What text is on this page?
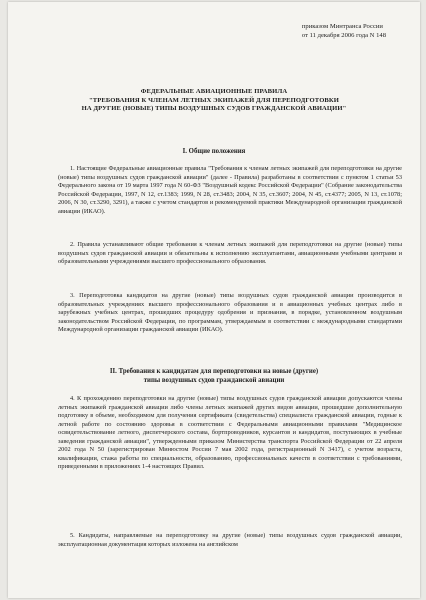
приказом Минтранса России
от 11 декабря 2006 года N 148
ФЕДЕРАЛЬНЫЕ АВИАЦИОННЫЕ ПРАВИЛА
"ТРЕБОВАНИЯ К ЧЛЕНАМ ЛЕТНЫХ ЭКИПАЖЕЙ ДЛЯ ПЕРЕПОДГОТОВКИ
НА ДРУГИЕ (НОВЫЕ) ТИПЫ ВОЗДУШНЫХ СУДОВ ГРАЖДАНСКОЙ АВИАЦИИ"
I. Общие положения
1. Настоящие Федеральные авиационные правила "Требования к членам летных экипажей для переподготовки на другие (новые) типы воздушных судов гражданской авиации" (далее - Правила) разработаны в соответствии с пунктом 1 статьи 53 Федерального закона от 19 марта 1997 года N 60-ФЗ "Воздушный кодекс Российской Федерации" (Собрание законодательства Российской Федерации, 1997, N 12, ст.1383; 1999, N 28, ст.3483; 2004, N 35, ст.3607; 2004, N 45, ст.4377; 2005, N 13, ст.1078; 2006, N 30, ст.3290, 3291), а также с учетом стандартов и рекомендуемой практики Международной организации гражданской авиации (ИКАО).
2. Правила устанавливают общие требования к членам летных экипажей для переподготовки на другие (новые) типы воздушных судов гражданской авиации и обязательны к исполнению эксплуатантами, авиационными учебными центрами и образовательными учреждениями высшего профессионального образования.
3. Переподготовка кандидатов на другие (новые) типы воздушных судов гражданской авиации производится в образовательных учреждениях высшего профессионального образования и в авиационных учебных центрах либо в зарубежных учебных центрах, прошедших процедуру одобрения и признания, в порядке, установленном воздушным законодательством Российской Федерации, по программам, утверждаемым в соответствии с международными стандартами Международной организации гражданской авиации (ИКАО).
II. Требования к кандидатам для переподготовки на новые (другие)
типы воздушных судов гражданской авиации
4. К прохождению переподготовки на другие (новые) типы воздушных судов гражданской авиации допускаются члены летных экипажей гражданской авиации либо члены летных экипажей других видов авиации, прошедшие дополнительную подготовку в объеме, необходимом для получения сертификата (свидетельства) специалиста гражданской авиации, годные к летной работе по состоянию здоровья в соответствии с Федеральными авиационными правилами "Медицинское освидетельствование летного, диспетчерского состава, бортпроводников, курсантов и кандидатов, поступающих в учебные заведения гражданской авиации", утвержденными приказом Министерства транспорта Российской Федерации от 22 апреля 2002 года N 50 (зарегистрирован Минюстом России 7 мая 2002 года, регистрационный N 3417), с учетом возраста, квалификации, стажа работы по специальности, образованию, профессиональных качеств в соответствии с требованиями, приведенными в приложениях 1-4 настоящих Правил.
5. Кандидаты, направляемые на переподготовку на другие (новые) типы воздушных судов гражданской авиации, эксплуатационная документация которых изложена на английском
